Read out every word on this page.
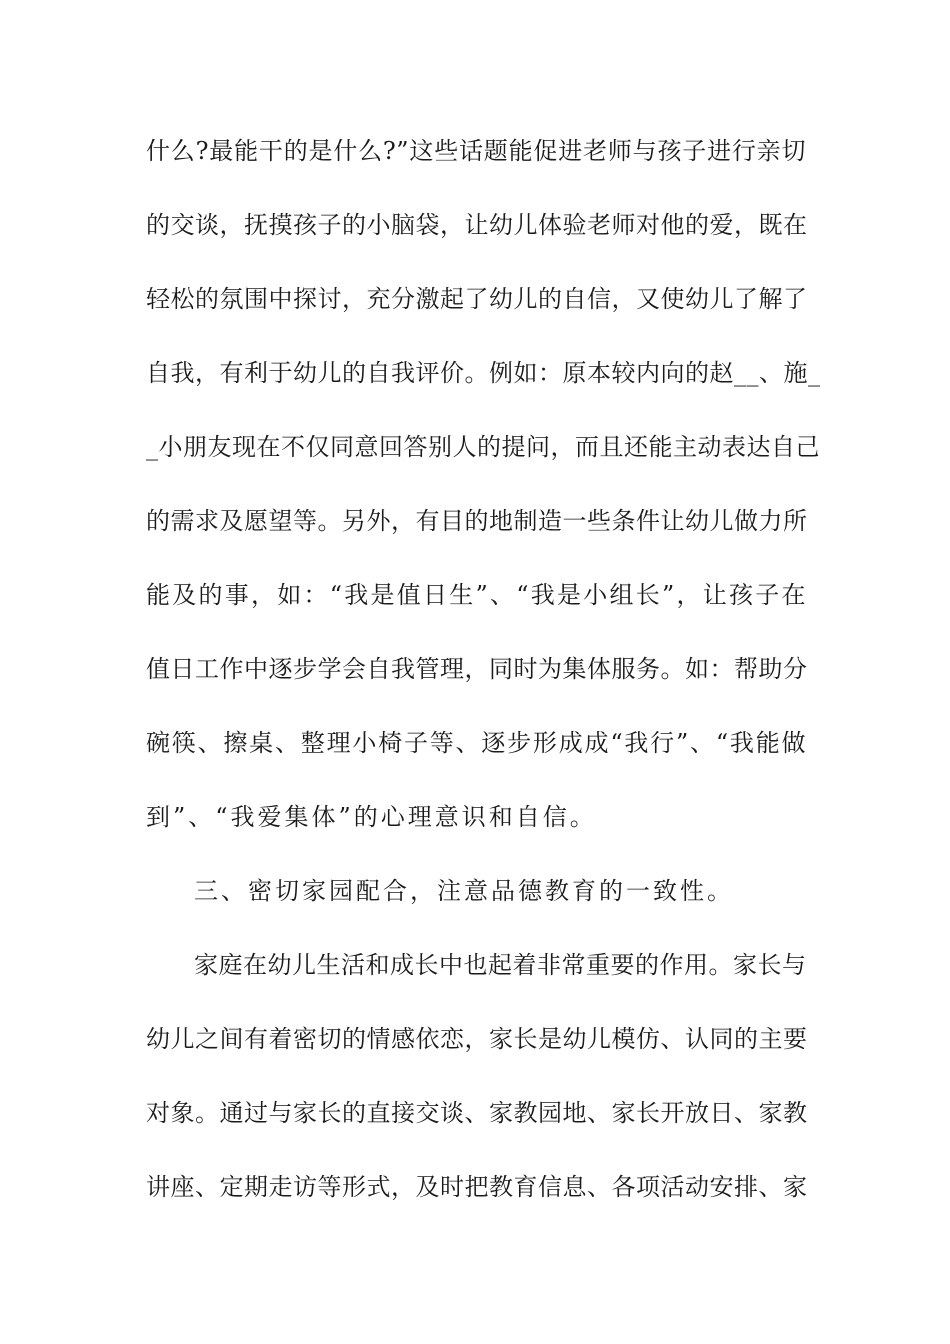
什么?最能干的是什么?”这些话题能促进老师与孩子进行亲切
的交谈，抚摸孩子的小脑袋，让幼儿体验老师对他的爱，既在
轻松的氛围中探讨，充分激起了幼儿的自信，又使幼儿了解了
自我，有利于幼儿的自我评价。例如：原本较内向的赵__、施_
_小朋友现在不仅同意回答别人的提问，而且还能主动表达自己
的需求及愿望等。另外，有目的地制造一些条件让幼儿做力所
能及的事，如：“我是值日生”、“我是小组长”，让孩子在
值日工作中逐步学会自我管理，同时为集体服务。如：帮助分
碗筷、擦桌、整理小椅子等、逐步形成成“我行”、“我能做
到”、“我爱集体”的心理意识和自信。
三、密切家园配合，注意品德教育的一致性。
家庭在幼儿生活和成长中也起着非常重要的作用。家长与
幼儿之间有着密切的情感依恋，家长是幼儿模仿、认同的主要
对象。通过与家长的直接交谈、家教园地、家长开放日、家教
讲座、定期走访等形式，及时把教育信息、各项活动安排、家
